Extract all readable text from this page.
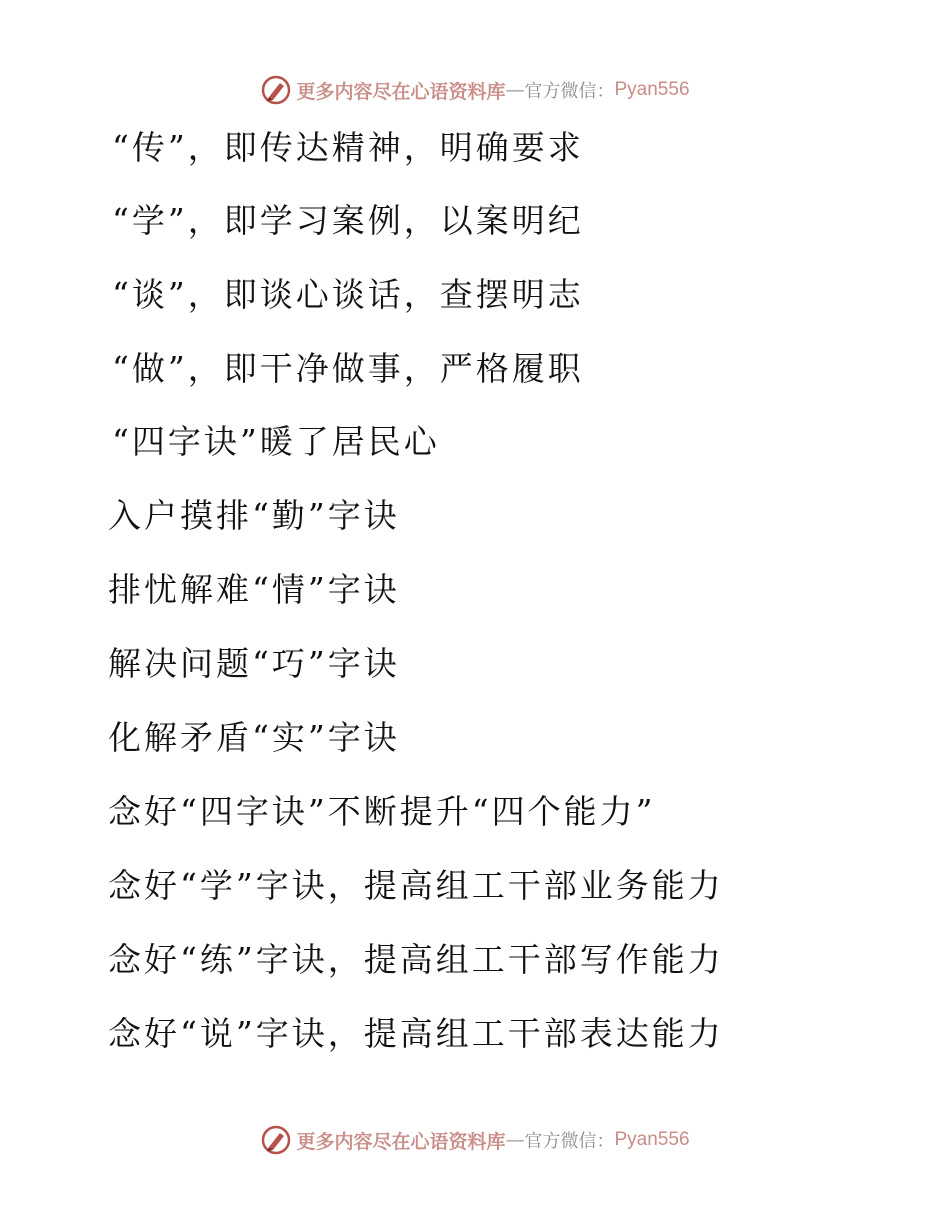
更多内容尽在心语资料库 — 官方微信： Pyan556
“传”，即传达精神，明确要求
“学”，即学习案例，以案明纪
“谈”，即谈心谈话，查摆明志
“做”，即干净做事，严格履职
“四字诀”暖了居民心
入户摸排“勤”字诀
排忧解难“情”字诀
解决问题“巧”字诀
化解矛盾“实”字诀
念好“四字诀”不断提升“四个能力”
念好“学”字诀，提高组工干部业务能力
念好“练”字诀，提高组工干部写作能力
念好“说”字诀，提高组工干部表达能力
更多内容尽在心语资料库 — 官方微信： Pyan556
